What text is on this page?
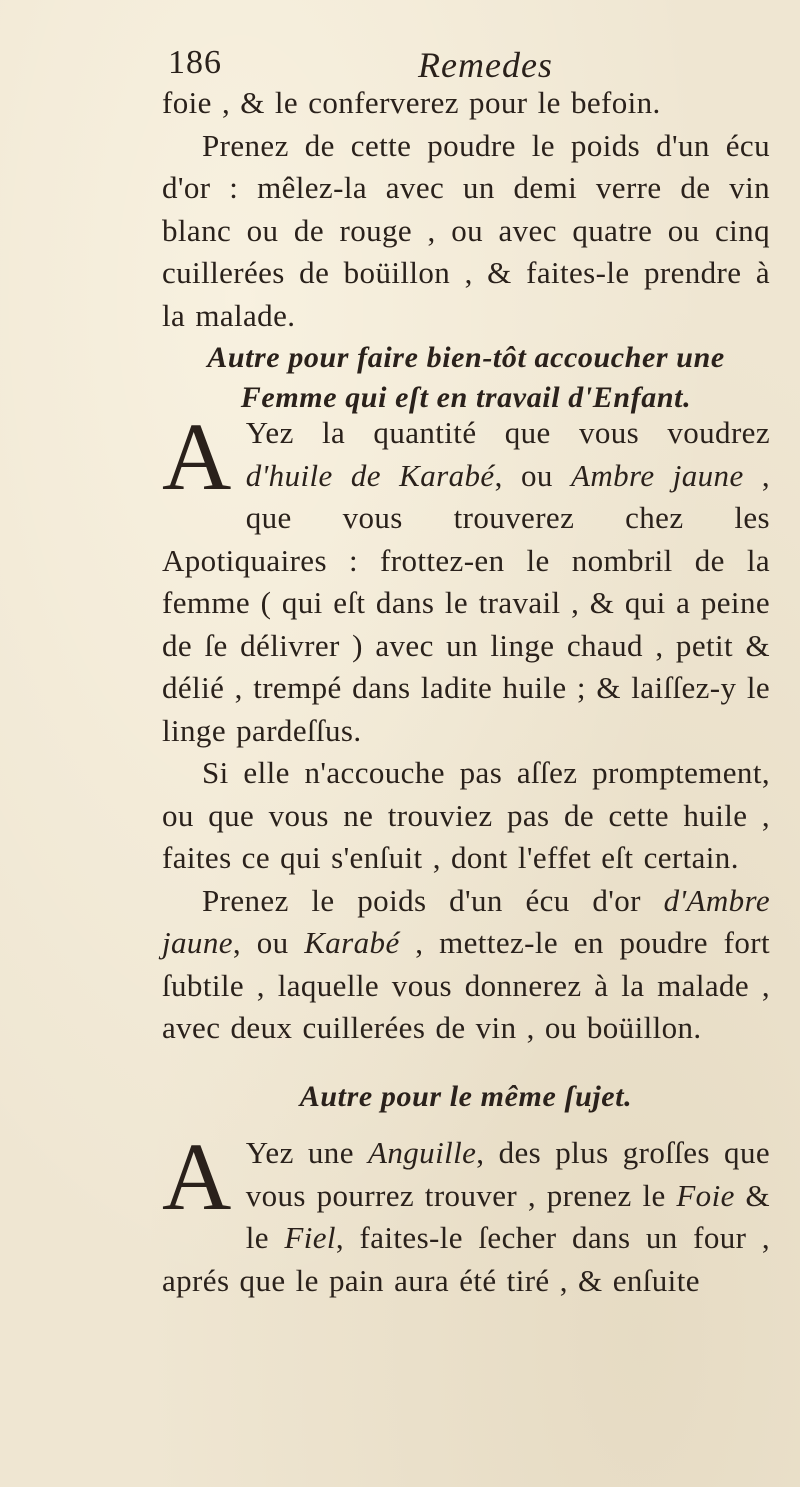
186	Remedes

foie , & le conferverez pour le befoin.

Prenez de cette poudre le poids d'un écu d'or : mêlez-la avec un demi verre de vin blanc ou de rouge , ou avec quatre ou cinq cuillerées de boüillon , & faites-le prendre à la malade.

Autre pour faire bien-tôt accoucher une Femme qui eſt en travail d'Enfant.

A Yez la quantité que vous voudrez d'huile de Karabé, ou Ambre jaune , que vous trouverez chez les Apotiquaires : frottez-en le nombril de la femme ( qui eſt dans le travail , & qui a peine de ſe délivrer ) avec un linge chaud , petit & délié , trempé dans ladite huile ; & laiſſez-y le linge pardeſſus.

Si elle n'accouche pas aſſez promptement, ou que vous ne trouviez pas de cette huile , faites ce qui s'enſuit , dont l'effet eſt certain.

Prenez le poids d'un écu d'or d'Ambre jaune, ou Karabé , mettez-le en poudre fort ſubtile , laquelle vous donnerez à la malade , avec deux cuillerées de vin , ou boüillon.

Autre pour le même ſujet.

A Yez une Anguille, des plus groſſes que vous pourrez trouver , prenez le Foie & le Fiel, faites-le ſecher dans un four , aprés que le pain aura été tiré , & enſuite
